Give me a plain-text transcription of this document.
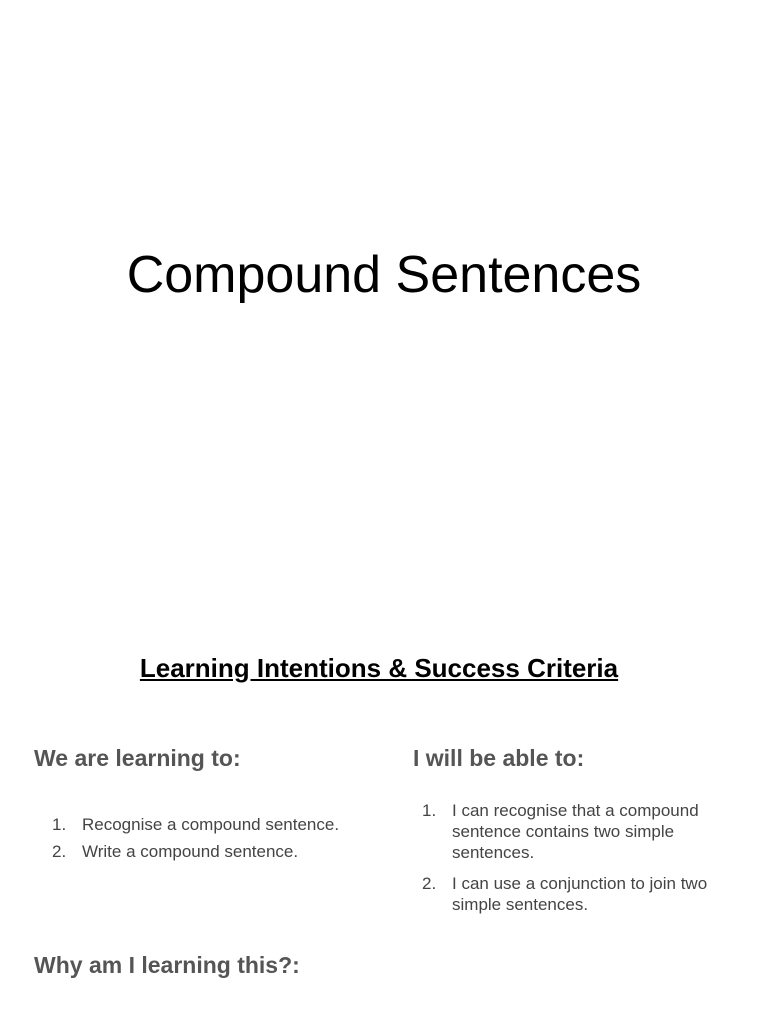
Compound Sentences
Learning Intentions & Success Criteria
We are learning to:	I will be able to:
1. Recognise a compound sentence.
2. Write a compound sentence.
1. I can recognise that a compound sentence contains two simple sentences.
2. I can use a conjunction to join two simple sentences.
Why am I learning this?:
